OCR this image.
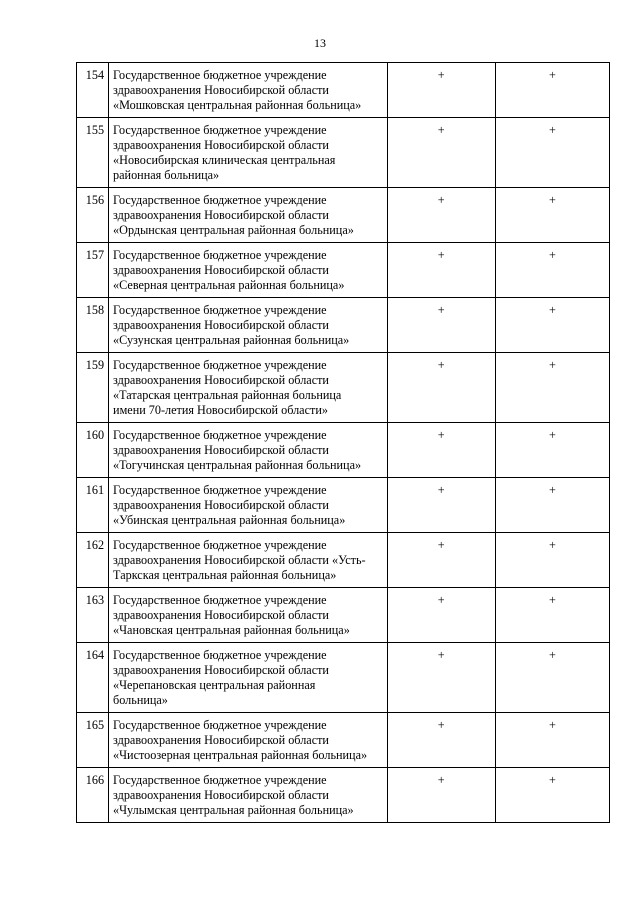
13
154	Государственное бюджетное учреждение
здравоохранения Новосибирской области
«Мошковская центральная районная больница»	+	+
155	Государственное бюджетное учреждение
здравоохранения Новосибирской области
«Новосибирская клиническая центральная
районная больница»	+	+
156	Государственное бюджетное учреждение
здравоохранения Новосибирской области
«Ордынская центральная районная больница»	+	+
157	Государственное бюджетное учреждение
здравоохранения Новосибирской области
«Северная центральная районная больница»	+	+
158	Государственное бюджетное учреждение
здравоохранения Новосибирской области
«Сузунская центральная районная больница»	+	+
159	Государственное бюджетное учреждение
здравоохранения Новосибирской области
«Татарская центральная районная больница
имени 70-летия Новосибирской области»	+	+
160	Государственное бюджетное учреждение
здравоохранения Новосибирской области
«Тогучинская центральная районная больница»	+	+
161	Государственное бюджетное учреждение
здравоохранения Новосибирской области
«Убинская центральная районная больница»	+	+
162	Государственное бюджетное учреждение
здравоохранения Новосибирской области «Усть-
Таркская центральная районная больница»	+	+
163	Государственное бюджетное учреждение
здравоохранения Новосибирской области
«Чановская центральная районная больница»	+	+
164	Государственное бюджетное учреждение
здравоохранения Новосибирской области
«Черепановская центральная районная
больница»	+	+
165	Государственное бюджетное учреждение
здравоохранения Новосибирской области
«Чистоозерная центральная районная больница»	+	+
166	Государственное бюджетное учреждение
здравоохранения Новосибирской области
«Чулымская центральная районная больница»	+	+
